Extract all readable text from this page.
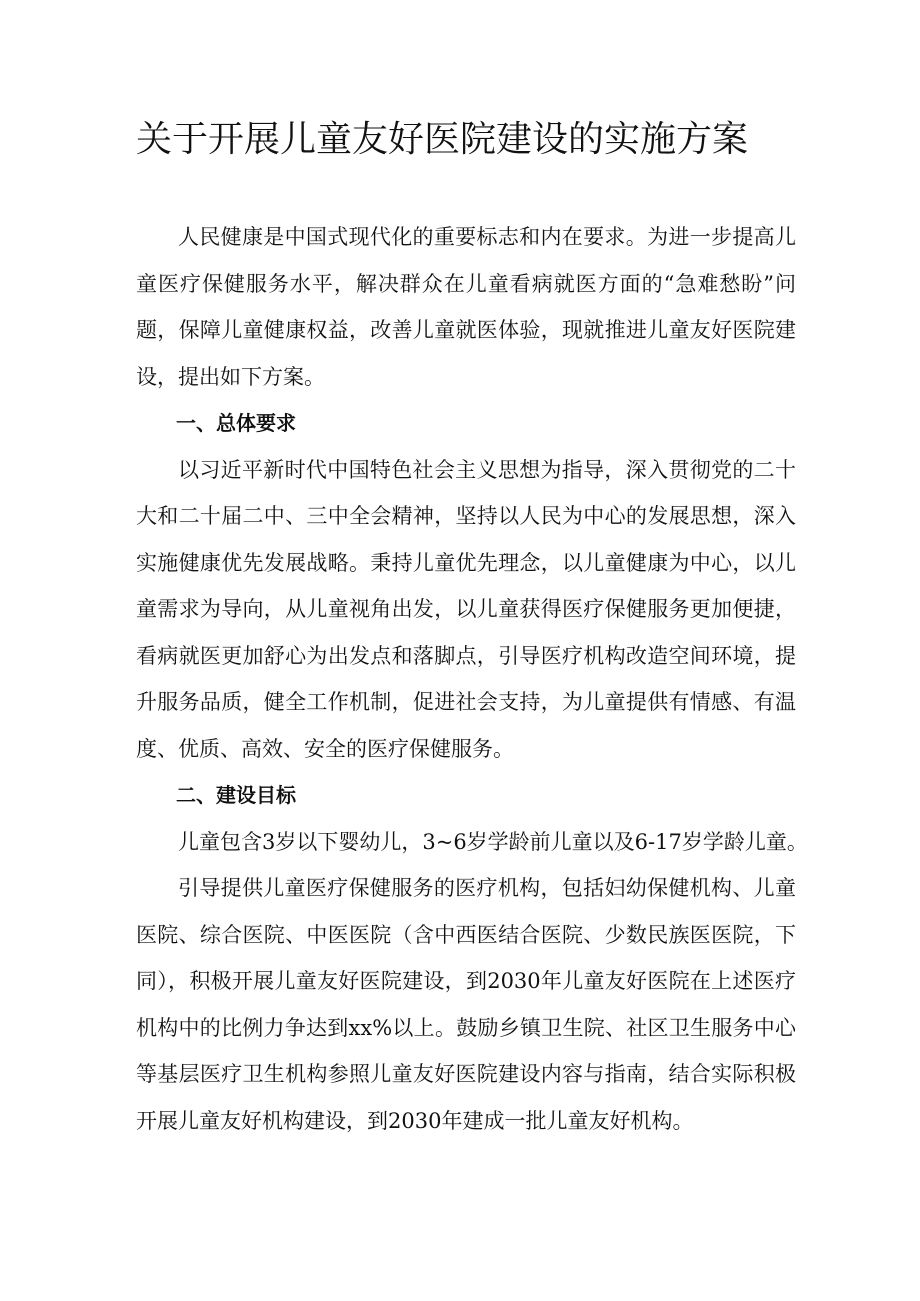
关于开展儿童友好医院建设的实施方案

人民健康是中国式现代化的重要标志和内在要求。为进一步提高儿童医疗保健服务水平，解决群众在儿童看病就医方面的“急难愁盼”问题，保障儿童健康权益，改善儿童就医体验，现就推进儿童友好医院建设，提出如下方案。

一、总体要求

以习近平新时代中国特色社会主义思想为指导，深入贯彻党的二十大和二十届二中、三中全会精神，坚持以人民为中心的发展思想，深入实施健康优先发展战略。秉持儿童优先理念，以儿童健康为中心，以儿童需求为导向，从儿童视角出发，以儿童获得医疗保健服务更加便捷，看病就医更加舒心为出发点和落脚点，引导医疗机构改造空间环境，提升服务品质，健全工作机制，促进社会支持，为儿童提供有情感、有温度、优质、高效、安全的医疗保健服务。

二、建设目标

儿童包含3岁以下婴幼儿，3~6岁学龄前儿童以及6-17岁学龄儿童。

引导提供儿童医疗保健服务的医疗机构，包括妇幼保健机构、儿童医院、综合医院、中医医院（含中西医结合医院、少数民族医医院，下同），积极开展儿童友好医院建设，到2030年儿童友好医院在上述医疗机构中的比例力争达到xx%以上。鼓励乡镇卫生院、社区卫生服务中心等基层医疗卫生机构参照儿童友好医院建设内容与指南，结合实际积极开展儿童友好机构建设，到2030年建成一批儿童友好机构。
